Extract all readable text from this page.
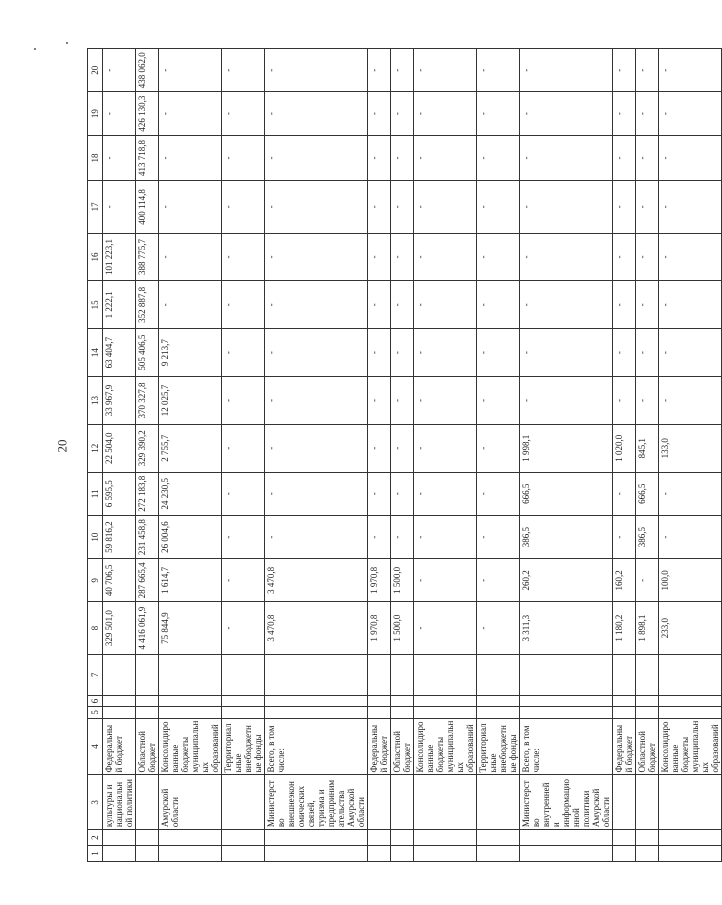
20
1	2	3	4	5	6	7	8	9	10	11	12	13	14	15	16	17	18	19	20
		культуры и национальной политики	Федеральный бюджет				329 501,0	40 706,5	59 816,2	6 595,5	22 504,0	33 967,9	63 404,7	1 222,1	101 223,1	-	-	-	-
			Областной бюджет				4 416 061,9	287 665,4	231 458,8	272 183,8	329 390,2	370 327,8	505 406,5	352 887,8	388 775,7	400 114,8	413 718,8	426 130,3	438 062,0
		Амурской области	Консолидированные бюджеты муниципальных образований				75 844,9	1 614,7	26 004,6	24 230,5	2 755,7	12 025,7	9 213,7	-	-	-	-	-	-
			Территориальные внебюджетные фонды				-	-	-	-	-	-	-	-	-	-	-	-	-
		Министерство внешнеэкономических связей, туризма и предпринимательства Амурской области	Всего, в том числе:				3 470,8	3 470,8	-	-	-	-	-	-	-	-	-	-	-
			Федеральный бюджет				1 970,8	1 970,8	-	-	-	-	-	-	-	-	-	-	-
			Областной бюджет				1 500,0	1 500,0	-	-	-	-	-	-	-	-	-	-	-
			Консолидированные бюджеты муниципальных образований				-	-	-	-	-	-	-	-	-	-	-	-	-
			Территориальные внебюджетные фонды				-	-	-	-	-	-	-	-	-	-	-	-	-
		Министерство внутренней и информационной политики Амурской области	Всего, в том числе:				3 311,3	260,2	386,5	666,5	1 998,1	-	-	-	-	-	-	-	-
			Федеральный бюджет				1 180,2	160,2	-	-	1 020,0	-	-	-	-	-	-	-	-
			Областной бюджет				1 898,1	-	386,5	666,5	845,1	-	-	-	-	-	-	-	-
			Консолидированные бюджеты муниципальных образований				233,0	100,0	-	-	133,0	-	-	-	-	-	-	-	-
